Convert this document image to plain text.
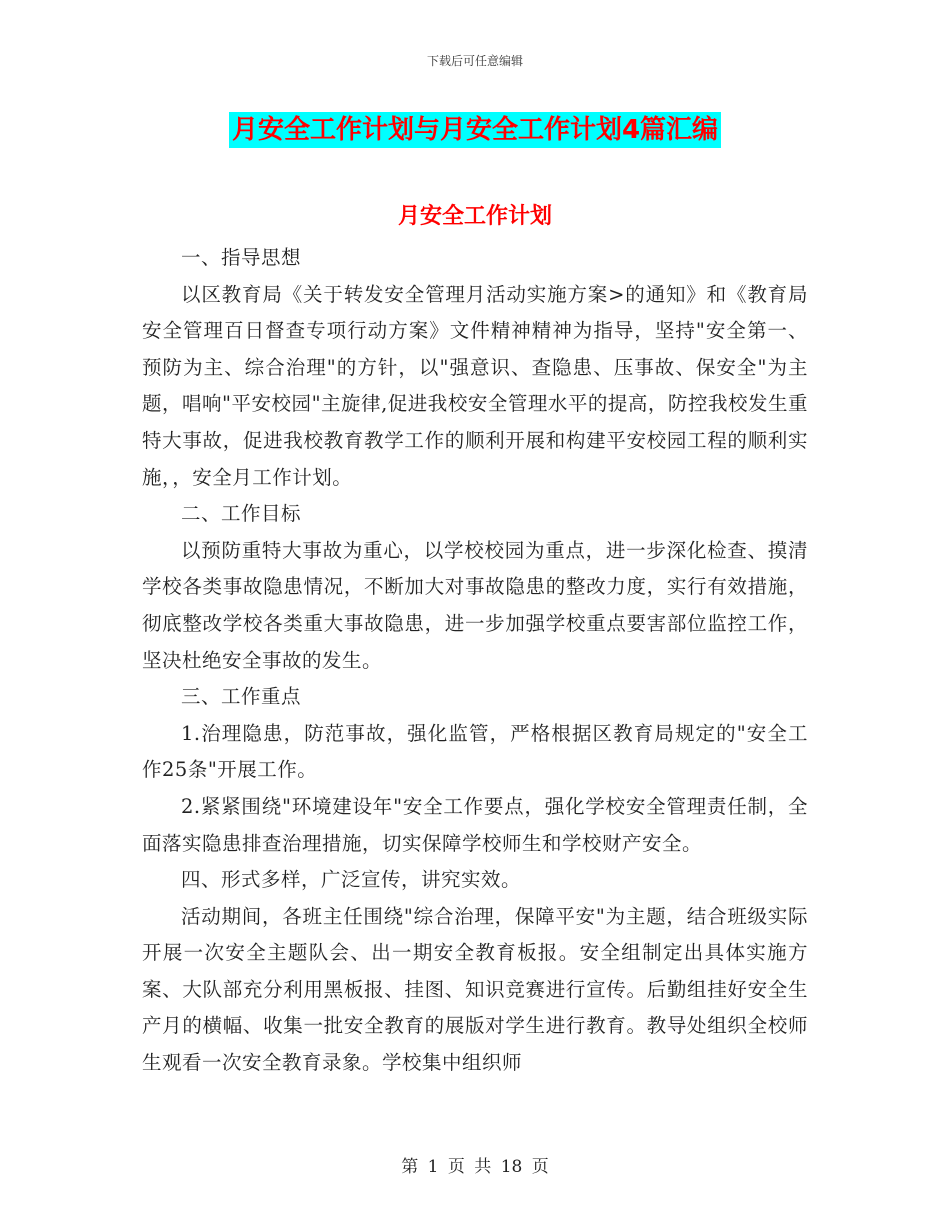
下载后可任意编辑
月安全工作计划与月安全工作计划4篇汇编
月安全工作计划

一、指导思想

以区教育局《关于转发安全管理月活动实施方案>的通知》和《教育局安全管理百日督查专项行动方案》文件精神精神为指导，坚持"安全第一、预防为主、综合治理"的方针，以"强意识、查隐患、压事故、保安全"为主题，唱响"平安校园"主旋律,促进我校安全管理水平的提高，防控我校发生重特大事故，促进我校教育教学工作的顺利开展和构建平安校园工程的顺利实施，，安全月工作计划。

二、工作目标

以预防重特大事故为重心，以学校校园为重点，进一步深化检查、摸清学校各类事故隐患情况，不断加大对事故隐患的整改力度，实行有效措施，彻底整改学校各类重大事故隐患，进一步加强学校重点要害部位监控工作，坚决杜绝安全事故的发生。

三、工作重点

1.治理隐患，防范事故，强化监管，严格根据区教育局规定的"安全工作25条"开展工作。

2.紧紧围绕"环境建设年"安全工作要点，强化学校安全管理责任制，全面落实隐患排查治理措施，切实保障学校师生和学校财产安全。

四、形式多样，广泛宣传，讲究实效。

活动期间，各班主任围绕"综合治理，保障平安"为主题，结合班级实际开展一次安全主题队会、出一期安全教育板报。安全组制定出具体实施方案、大队部充分利用黑板报、挂图、知识竞赛进行宣传。后勤组挂好安全生产月的横幅、收集一批安全教育的展版对学生进行教育。教导处组织全校师生观看一次安全教育录象。学校集中组织师

第 1 页 共 18 页
